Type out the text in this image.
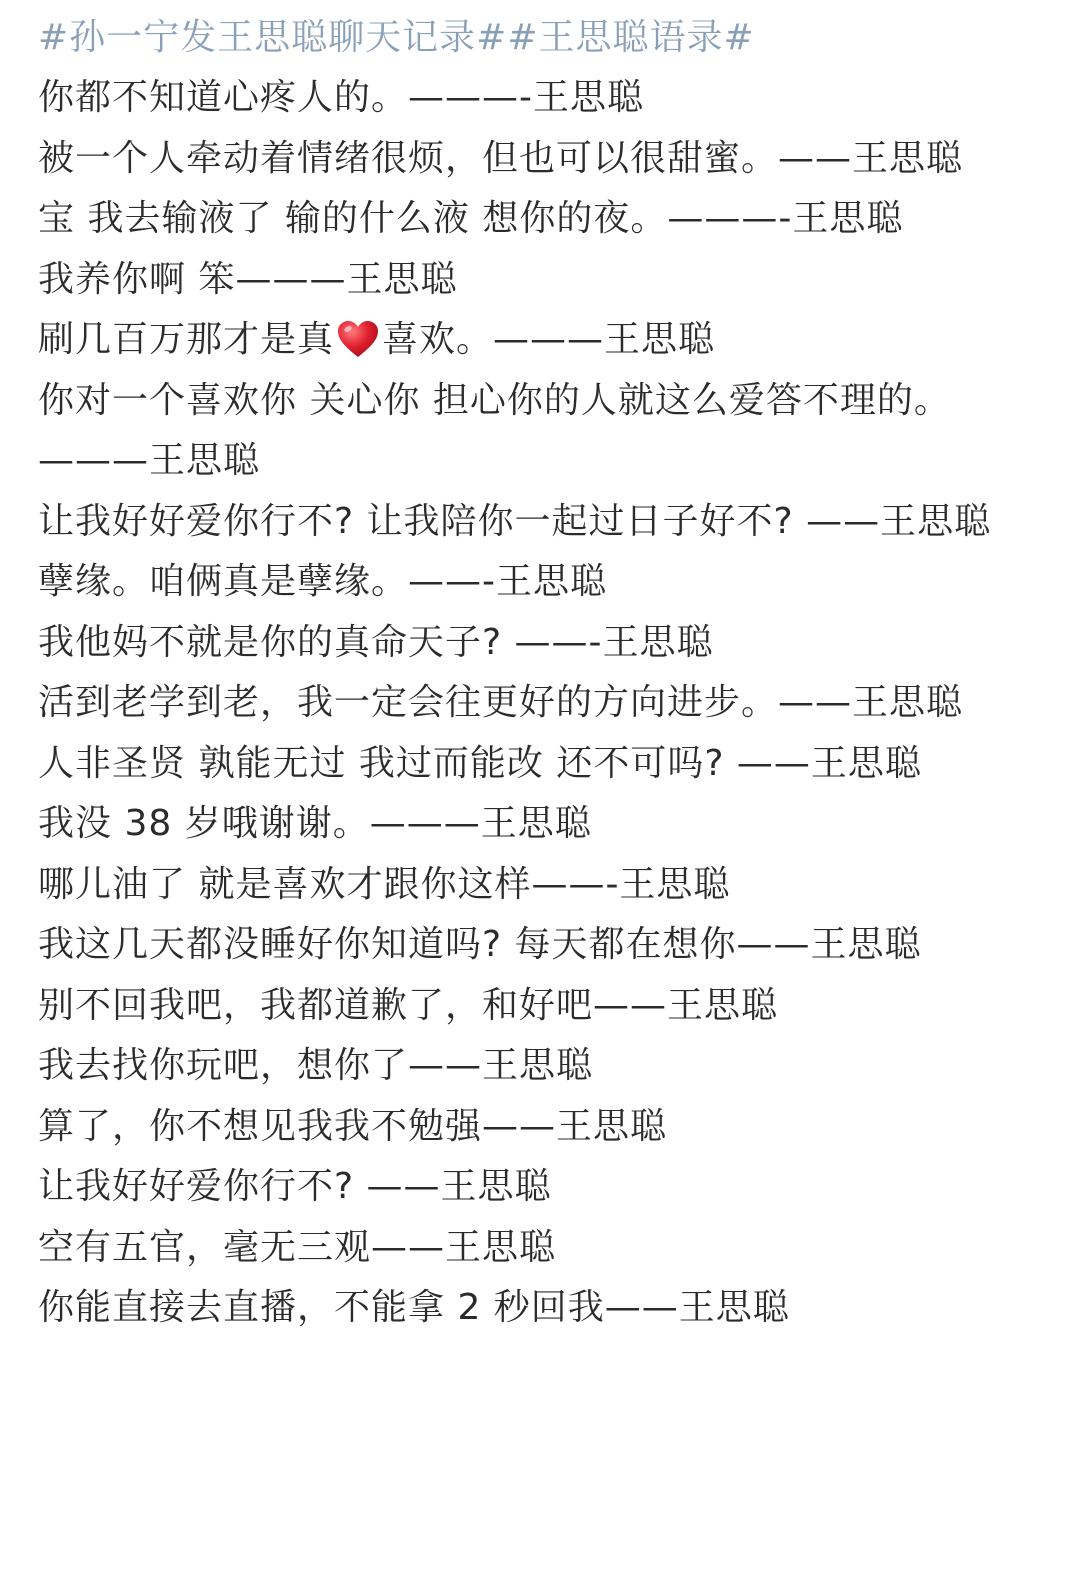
#孙一宁发王思聪聊天记录##王思聪语录#
你都不知道心疼人的。———-王思聪
被一个人牵动着情绪很烦，但也可以很甜蜜。——王思聪
宝 我去输液了 输的什么液 想你的夜。———-王思聪
我养你啊 笨———王思聪
刷几百万那才是真 喜欢。———王思聪
你对一个喜欢你 关心你 担心你的人就这么爱答不理的。———王思聪
让我好好爱你行不? 让我陪你一起过日子好不? ——王思聪
孽缘。咱俩真是孽缘。——-王思聪
我他妈不就是你的真命天子? ——-王思聪
活到老学到老，我一定会往更好的方向进步。——王思聪
人非圣贤 孰能无过 我过而能改 还不可吗? ——王思聪
我没 38 岁哦谢谢。———王思聪
哪儿油了 就是喜欢才跟你这样——-王思聪
我这几天都没睡好你知道吗? 每天都在想你——王思聪
别不回我吧，我都道歉了，和好吧——王思聪
我去找你玩吧，想你了——王思聪
算了，你不想见我我不勉强——王思聪
让我好好爱你行不? ——王思聪
空有五官，毫无三观——王思聪
你能直接去直播，不能拿 2 秒回我——王思聪
